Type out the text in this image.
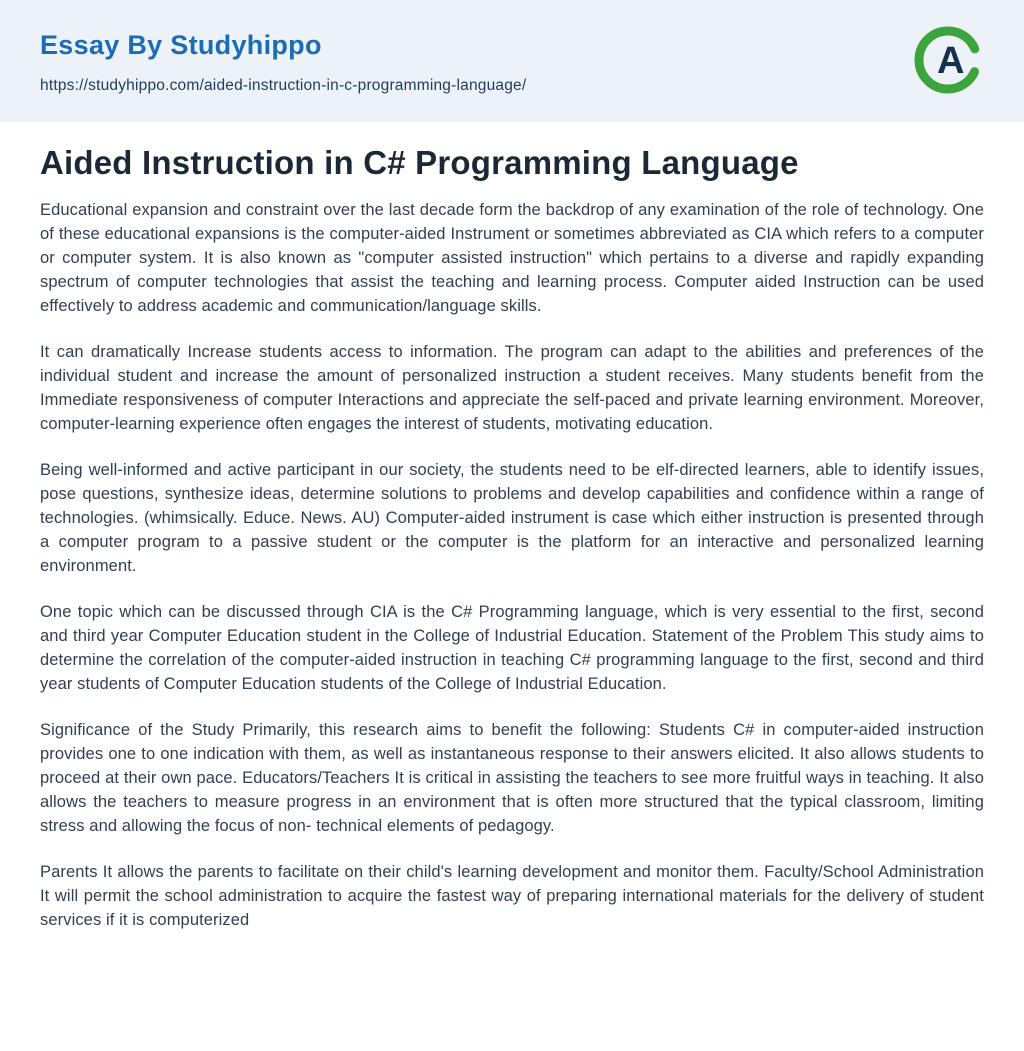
Essay By Studyhippo
https://studyhippo.com/aided-instruction-in-c-programming-language/
A
Aided Instruction in C# Programming Language

Educational expansion and constraint over the last decade form the backdrop of any examination of the role of technology. One of these educational expansions is the computer-aided Instrument or sometimes abbreviated as CIA which refers to a computer or computer system. It is also known as "computer assisted instruction" which pertains to a diverse and rapidly expanding spectrum of computer technologies that assist the teaching and learning process. Computer aided Instruction can be used effectively to address academic and communication/language skills.

It can dramatically Increase students access to information. The program can adapt to the abilities and preferences of the individual student and increase the amount of personalized instruction a student receives. Many students benefit from the Immediate responsiveness of computer Interactions and appreciate the self-paced and private learning environment. Moreover, computer-learning experience often engages the interest of students, motivating education.

Being well-informed and active participant in our society, the students need to be elf-directed learners, able to identify issues, pose questions, synthesize ideas, determine solutions to problems and develop capabilities and confidence within a range of technologies. (whimsically. Educe. News. AU) Computer-aided instrument is case which either instruction is presented through a computer program to a passive student or the computer is the platform for an interactive and personalized learning environment.

One topic which can be discussed through CIA is the C# Programming language, which is very essential to the first, second and third year Computer Education student in the College of Industrial Education. Statement of the Problem This study aims to determine the correlation of the computer-aided instruction in teaching C# programming language to the first, second and third year students of Computer Education students of the College of Industrial Education.

Significance of the Study Primarily, this research aims to benefit the following: Students C# in computer-aided instruction provides one to one indication with them, as well as instantaneous response to their answers elicited. It also allows students to proceed at their own pace. Educators/Teachers It is critical in assisting the teachers to see more fruitful ways in teaching. It also allows the teachers to measure progress in an environment that is often more structured that the typical classroom, limiting stress and allowing the focus of non- technical elements of pedagogy.

Parents It allows the parents to facilitate on their child's learning development and monitor them. Faculty/School Administration It will permit the school administration to acquire the fastest way of preparing international materials for the delivery of student services if it is computerized
